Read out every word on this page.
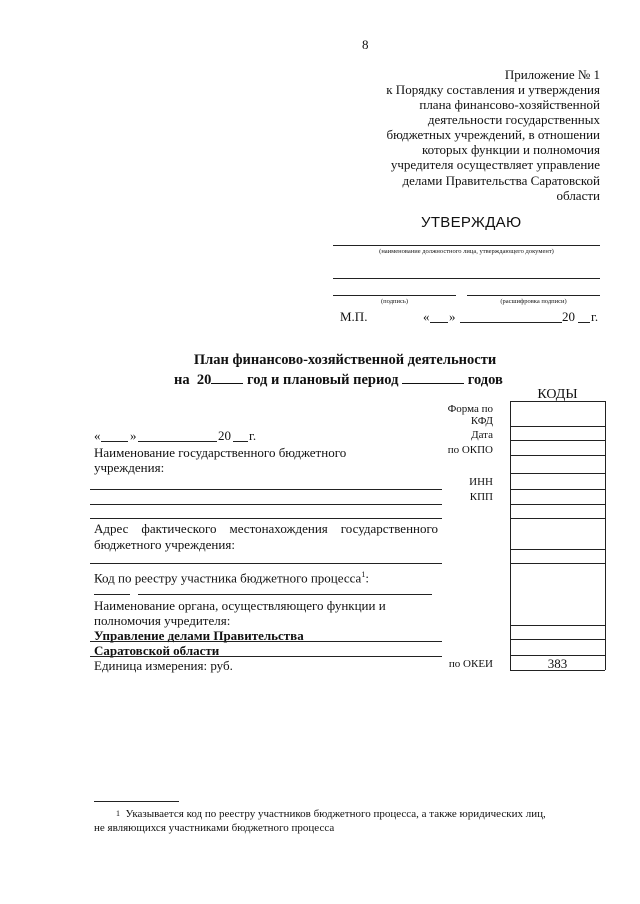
8
Приложение № 1
к Порядку составления и утверждения
плана финансово-хозяйственной
деятельности государственных
бюджетных учреждений, в отношении
которых функции и полномочия
учредителя осуществляет управление
делами Правительства Саратовской
области
УТВЕРЖДАЮ
(наименование должностного лица, утверждающего документ)
(подпись)	(расшифровка подписи)
М.П.	« »	20 г.
План финансово-хозяйственной деятельности
на 20 год и плановый период	годов
КОДЫ
Форма по
КФД
Дата
по ОКПО
ИНН
КПП
по ОКЕИ	383
« »	20 г.
Наименование государственного бюджетного
учреждения:
Адрес фактического местонахождения государственного
бюджетного учреждения:
Код по реестру участника бюджетного процесса$^1$:
Наименование органа, осуществляющего функции и
полномочия учредителя:
Управление делами Правительства
Саратовской области
Единица измерения: руб.
1 Указывается код по реестру участников бюджетного процесса, а также юридических лиц,
не являющихся участниками бюджетного процесса
